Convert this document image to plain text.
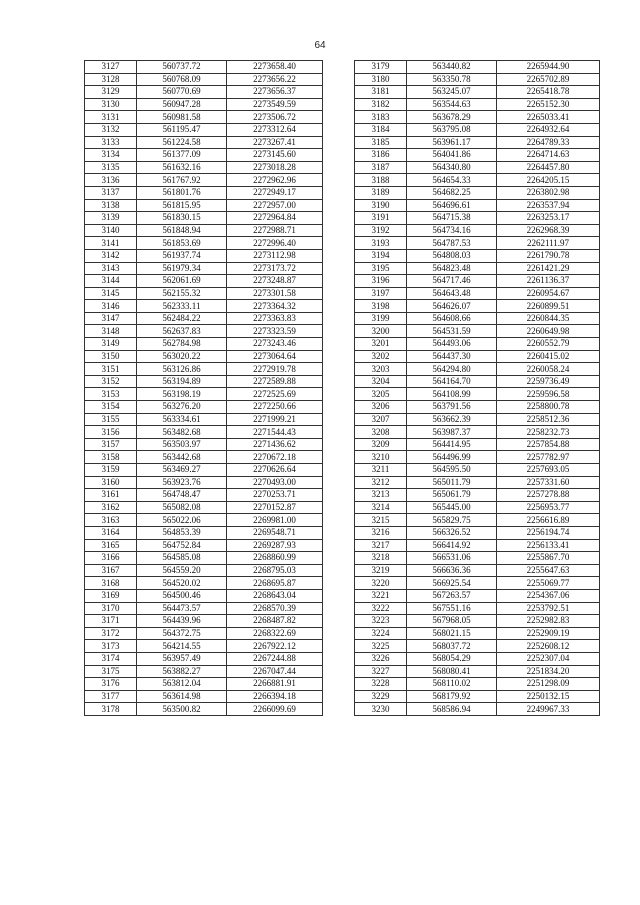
64
3127	560737.72	2273658.40
3128	560768.09	2273656.22
3129	560770.69	2273656.37
3130	560947.28	2273549.59
3131	560981.58	2273506.72
3132	561195.47	2273312.64
3133	561224.58	2273267.41
3134	561377.09	2273145.60
3135	561632.16	2273018.28
3136	561767.92	2272962.96
3137	561801.76	2272949.17
3138	561815.95	2272957.00
3139	561830.15	2272964.84
3140	561848.94	2272988.71
3141	561853.69	2272996.40
3142	561937.74	2273112.98
3143	561979.34	2273173.72
3144	562061.69	2273248.87
3145	562155.32	2273301.58
3146	562333.11	2273364.32
3147	562484.22	2273363.83
3148	562637.83	2273323.59
3149	562784.98	2273243.46
3150	563020.22	2273064.64
3151	563126.86	2272919.78
3152	563194.89	2272589.88
3153	563198.19	2272525.69
3154	563276.20	2272250.66
3155	563334.61	2271999.21
3156	563482.68	2271544.43
3157	563503.97	2271436.62
3158	563442.68	2270672.18
3159	563469.27	2270626.64
3160	563923.76	2270493.00
3161	564748.47	2270253.71
3162	565082.08	2270152.87
3163	565022.06	2269981.00
3164	564853.39	2269548.71
3165	564752.84	2269287.93
3166	564585.08	2268860.99
3167	564559.20	2268795.03
3168	564520.02	2268695.87
3169	564500.46	2268643.04
3170	564473.57	2268570.39
3171	564439.96	2268487.82
3172	564372.75	2268322.69
3173	564214.55	2267922.12
3174	563957.49	2267244.88
3175	563882.27	2267047.44
3176	563812.04	2266881.91
3177	563614.98	2266394.18
3178	563500.82	2266099.69
3179	563440.82	2265944.90
3180	563350.78	2265702.89
3181	563245.07	2265418.78
3182	563544.63	2265152.30
3183	563678.29	2265033.41
3184	563795.08	2264932.64
3185	563961.17	2264789.33
3186	564041.86	2264714.63
3187	564340.80	2264457.80
3188	564654.33	2264205.15
3189	564682.25	2263802.98
3190	564696.61	2263537.94
3191	564715.38	2263253.17
3192	564734.16	2262968.39
3193	564787.53	2262111.97
3194	564808.03	2261790.78
3195	564823.48	2261421.29
3196	564717.46	2261136.37
3197	564643.48	2260954.67
3198	564626.07	2260899.51
3199	564608.66	2260844.35
3200	564531.59	2260649.98
3201	564493.06	2260552.79
3202	564437.30	2260415.02
3203	564294.80	2260058.24
3204	564164.70	2259736.49
3205	564108.99	2259596.58
3206	563791.56	2258800.78
3207	563662.39	2258512.36
3208	563987.37	2258232.73
3209	564414.95	2257854.88
3210	564496.99	2257782.97
3211	564595.50	2257693.05
3212	565011.79	2257331.60
3213	565061.79	2257278.88
3214	565445.00	2256953.77
3215	565829.75	2256616.89
3216	566326.52	2256194.74
3217	566414.92	2256133.41
3218	566531.06	2255867.70
3219	566636.36	2255647.63
3220	566925.54	2255069.77
3221	567263.57	2254367.06
3222	567551.16	2253792.51
3223	567968.05	2252982.83
3224	568021.15	2252909.19
3225	568037.72	2252608.12
3226	568054.29	2252307.04
3227	568080.41	2251834.20
3228	568110.02	2251298.09
3229	568179.92	2250132.15
3230	568586.94	2249967.33
